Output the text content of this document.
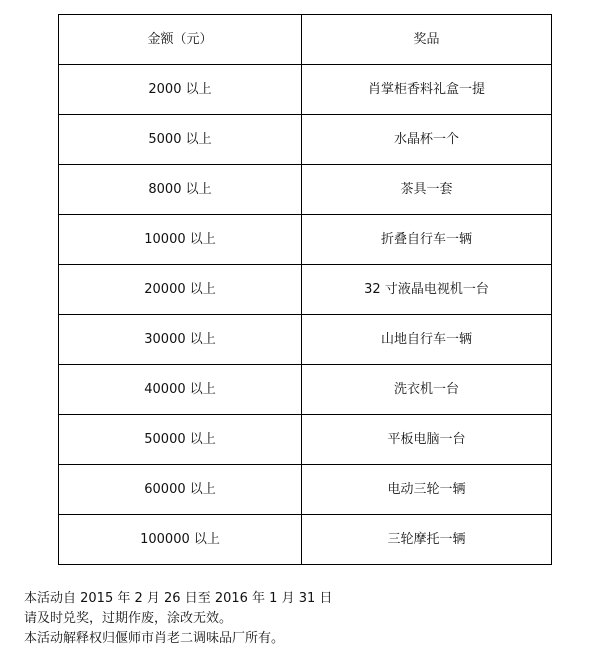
金额（元）	奖品
2000 以上	肖掌柜香料礼盒一提
5000 以上	水晶杯一个
8000 以上	茶具一套
10000 以上	折叠自行车一辆
20000 以上	32 寸液晶电视机一台
30000 以上	山地自行车一辆
40000 以上	洗衣机一台
50000 以上	平板电脑一台
60000 以上	电动三轮一辆
100000 以上	三轮摩托一辆
本活动自 2015 年 2 月 26 日至 2016 年 1 月 31 日
请及时兑奖，过期作废，涂改无效。
本活动解释权归偃师市肖老二调味品厂所有。
